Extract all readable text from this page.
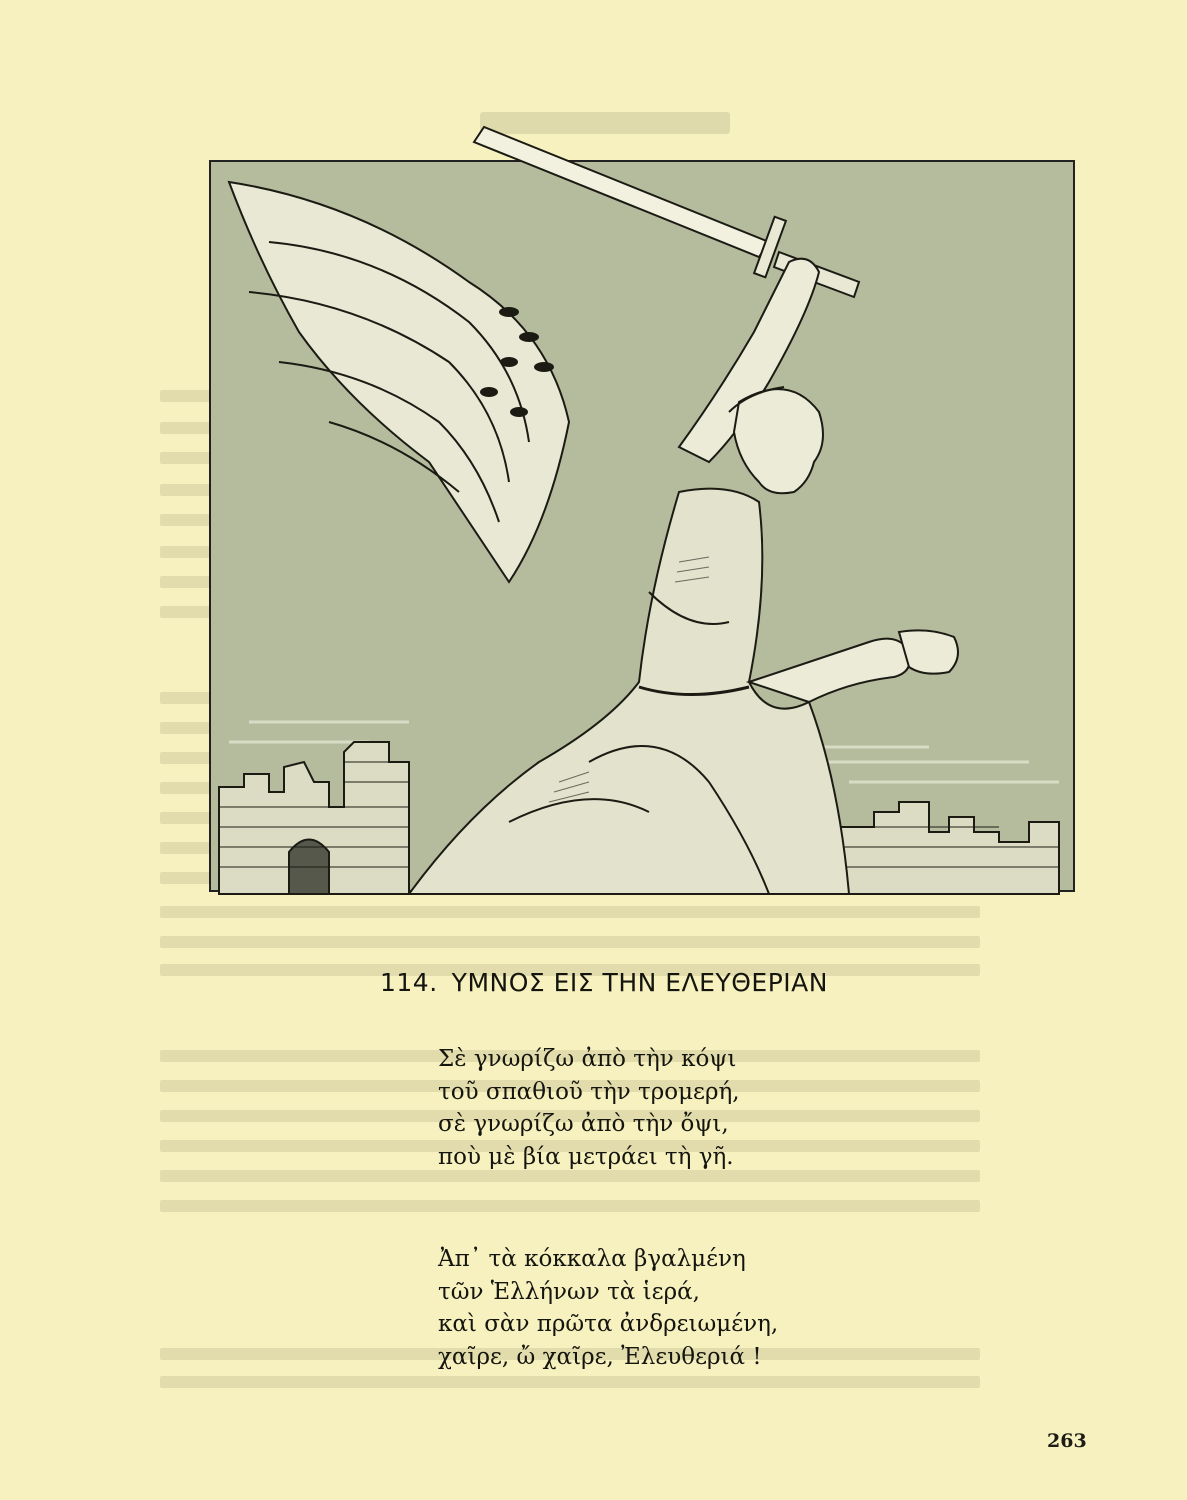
114. ΥΜΝΟΣ ΕΙΣ ΤΗΝ ΕΛΕΥΘΕΡΙΑΝ
Σὲ γνωρίζω ἀπὸ τὴν κόψι
τοῦ σπαθιοῦ τὴν τρομερή,
σὲ γνωρίζω ἀπὸ τὴν ὄψι,
ποὺ μὲ βία μετράει τὴ γῆ.
Ἀπ᾽ τὰ κόκκαλα βγαλμένη
τῶν Ἑλλήνων τὰ ἱερά,
καὶ σὰν πρῶτα ἀνδρειωμένη,
χαῖρε, ὤ χαῖρε, Ἐλευθεριά !
263
